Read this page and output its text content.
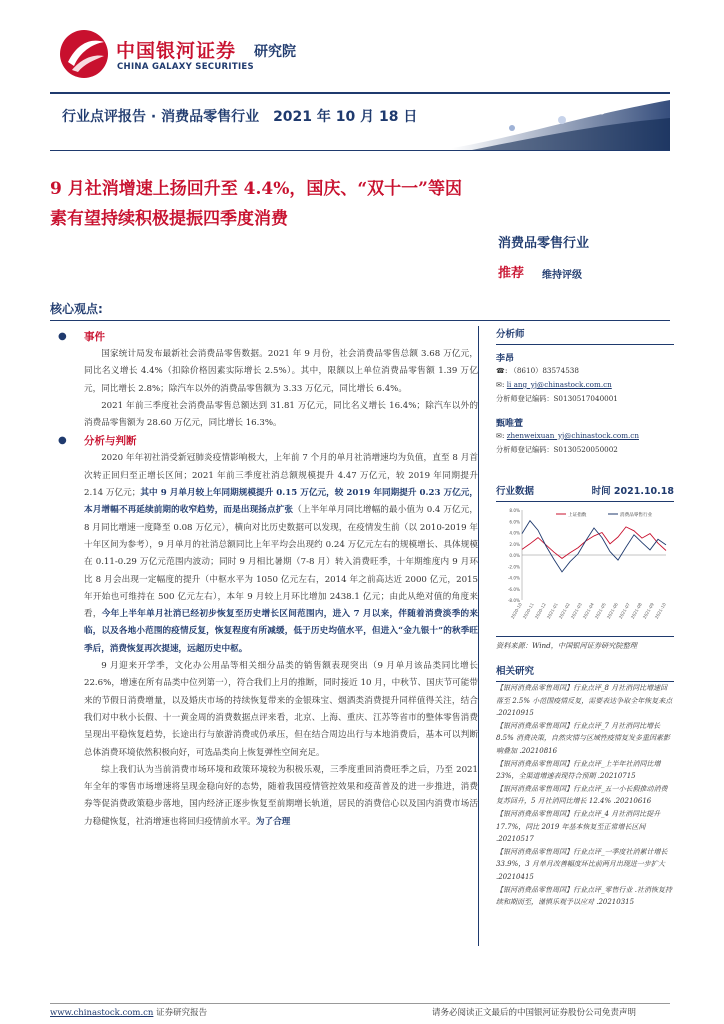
中国银河证券
CHINA GALAXY SECURITIES
研究院
行业点评报告 · 消费品零售行业　2021 年 10 月 18 日
9 月社消增速上扬回升至 4.4%，国庆、“双十一”等因素有望持续积极提振四季度消费
消费品零售行业
推荐 维持评级
核心观点:
● 事件

国家统计局发布最新社会消费品零售数据。2021 年 9 月份，社会消费品零售总额 3.68 万亿元，同比名义增长 4.4%（扣除价格因素实际增长 2.5%）。其中，限额以上单位消费品零售额 1.39 万亿元，同比增长 2.8%；除汽车以外的消费品零售额为 3.33 万亿元，同比增长 6.4%。

2021 年前三季度社会消费品零售总额达到 31.81 万亿元，同比名义增长 16.4%；除汽车以外的消费品零售额为 28.60 万亿元，同比增长 16.3%。

● 分析与判断

2020 年年初社消受新冠肺炎疫情影响极大，上年前 7 个月的单月社消增速均为负值，直至 8 月首次转正回归至正增长区间；2021 年前三季度社消总额规模提升 4.47 万亿元，较 2019 年同期提升 2.14 万亿元；其中 9 月单月较上年同期规模提升 0.15 万亿元，较 2019 年同期提升 0.23 万亿元，本月增幅不再延续前期的收窄趋势，而是出现扬点扩张（上半年单月同比增幅的最小值为 0.4 万亿元，8 月同比增速一度降至 0.08 万亿元），横向对比历史数据可以发现，在疫情发生前（以 2010-2019 年十年区间为参考），9 月单月的社消总额同比上年平均会出现约 0.24 万亿元左右的规模增长、具体规模在 0.11-0.29 万亿元范围内波动；同时 9 月相比暑期（7-8 月）转入消费旺季，十年期维度内 9 月环比 8 月会出现一定幅度的提升（中枢水平为 1050 亿元左右，2014 年之前高达近 2000 亿元，2015 年开始也可维持在 500 亿元左右），本年 9 月较上月环比增加 2438.1 亿元；由此从绝对值的角度来看，今年上半年单月社消已经初步恢复至历史增长区间范围内，进入 7 月以来，伴随着消费淡季的来临，以及各地小范围的疫情反复，恢复程度有所减缓，低于历史均值水平，但进入“金九银十”的秋季旺季后，消费恢复再次提速，远超历史中枢。

9 月迎来开学季，文化办公用品等相关细分品类的销售额表现突出（9 月单月该品类同比增长 22.6%，增速在所有品类中位列第一），符合我们上月的推断，同时接近 10 月，中秋节、国庆节可能带来的节假日消费增量，以及婚庆市场的持续恢复带来的金银珠宝、烟酒类消费提升同样值得关注，结合我们对中秋小长假、十一黄金周的消费数据点评来看，北京、上海、重庆、江苏等省市的整体零售消费呈现出平稳恢复趋势，长途出行与旅游消费或仍承压，但在结合周边出行与本地消费后，基本可以判断总体消费环境依然积极向好，可选品类向上恢复弹性空间充足。

综上我们认为当前消费市场环境和政策环境较为积极乐观，三季度重回消费旺季之后，乃至 2021 年全年的零售市场增速将呈现金稳向好的态势，随着我国疫情管控效果和疫苗普及的进一步推进，消费券等促消费政策稳步落地，国内经济正逐步恢复至前期增长轨道，居民的消费信心以及国内消费市场活力稳健恢复，社消增速也将回归疫情前水平。为了合理

分析师
李昂
☎: （8610）83574538
✉: li ang_yj@chinastock.com.cn
分析师登记编码：S0130517040001
甄唯萱
✉: zhenweixuan_yj@chinastock.com.cn
分析师登记编码：S0130520050002
行业数据	时间 2021.10.18
8.0%
6.0%
4.0%
2.0%
0.0%
-2.0%
-4.0%
-6.0%
-8.0%
2020-10
2020-11
2020-12
2021-01
2021-02
2021-03
2021-04
2021-05
2021-06
2021-07
2021-08
2021-09
2021-10
上证指数	消费品零售行业
资料来源：Wind，中国银河证券研究院整理
相关研究
【银河消费品零售周国】行业点评_8 月社消同比增速回落至 2.5% 小范围疫情反复，需要表达争取全年恢复来点 .20210915
【银河消费品零售周国】行业点评_7 月社消同比增长 8.5% 消费决策，自然灾情与区域性疫情复发多重因素影响叠加 .20210816
【银河消费品零售周国】行业点评_上半年社消同比增 23%，全渠道增速表现符合预期 .20210715
【银河消费品零售周国】行业点评_五一小长假推动消费复苏回升，5 月社消同比增长 12.4% .20210616
【银河消费品零售周国】行业点评_4 月社消同比提升 17.7%，同比 2019 年基本恢复至正常增长区间 .20210517
【银河消费品零售周国】行业点评_一季度社消累计增长 33.9%，3 月单月改善幅度环比前两月出现进一步扩大 .20210415
【银河消费品零售周国】行业点评_零售行业 .社消恢复持续和期而至，谨慎乐观予以应对 .20210315
www.chinastock.com.cn 证券研究报告	请务必阅读正文最后的中国银河证券股份公司免责声明
